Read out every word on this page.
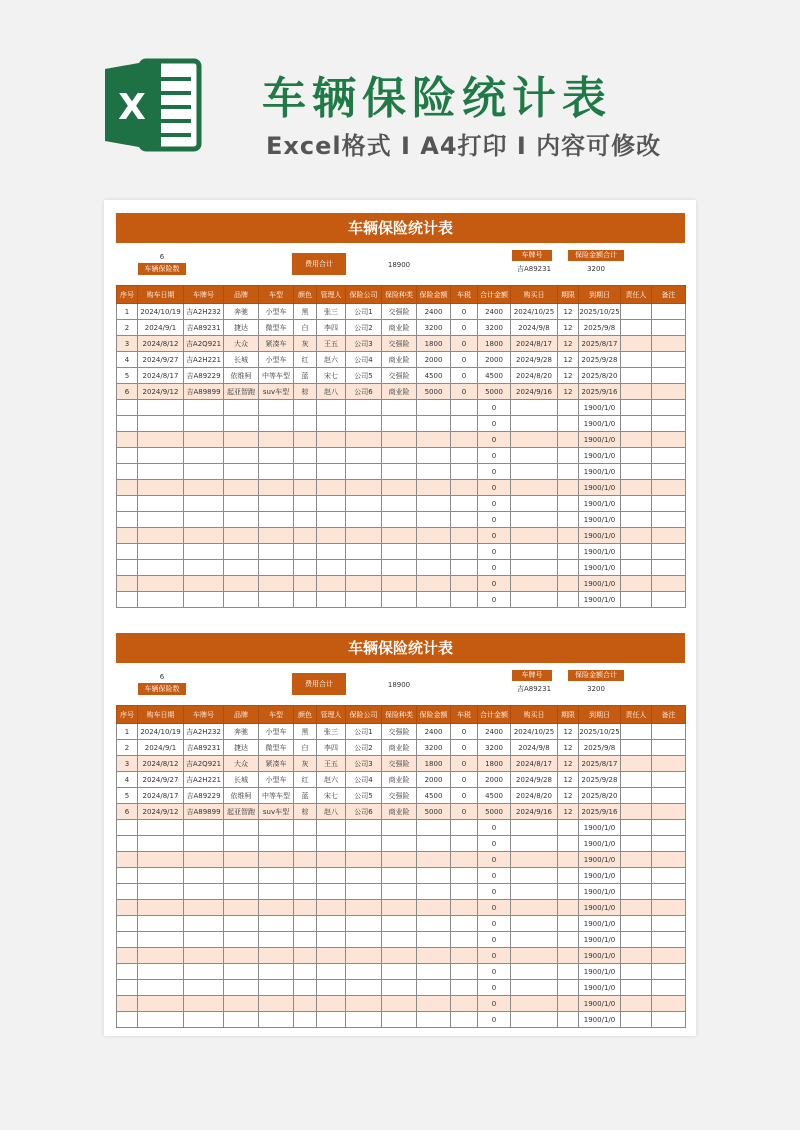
X	车辆保险统计表
Excel格式 I A4打印 I 内容可修改
车辆保险统计表
6
车辆保险数
费用合计	18900
车牌号	保险金额合计
吉A89231	3200
序号	购车日期	车牌号	品牌	车型	颜色	管理人	保险公司	保险种类	保险金额	车税	合计金额	购买日	期限	到期日	责任人	备注
1	2024/10/19	吉A2H232	奔驰	小型车	黑	张三	公司1	交强险	2400	0	2400	2024/10/25	12	2025/10/25		
2	2024/9/1	吉A89231	捷达	微型车	白	李四	公司2	商业险	3200	0	3200	2024/9/8	12	2025/9/8		
3	2024/8/12	吉A2Q921	大众	紧凑车	灰	王五	公司3	交强险	1800	0	1800	2024/8/17	12	2025/8/17		
4	2024/9/27	吉A2H221	长城	小型车	红	赵六	公司4	商业险	2000	0	2000	2024/9/28	12	2025/9/28		
5	2024/8/17	吉A89229	依维柯	中等车型	蓝	宋七	公司5	交强险	4500	0	4500	2024/8/20	12	2025/8/20		
6	2024/9/12	吉A89899	起亚智跑	suv车型	棕	赵八	公司6	商业险	5000	0	5000	2024/9/16	12	2025/9/16		
											0			1900/1/0		
											0			1900/1/0		
											0			1900/1/0		
											0			1900/1/0		
											0			1900/1/0		
											0			1900/1/0		
											0			1900/1/0		
											0			1900/1/0		
											0			1900/1/0		
											0			1900/1/0		
											0			1900/1/0		
											0			1900/1/0		
											0			1900/1/0		
车辆保险统计表
6
车辆保险数
费用合计	18900
车牌号	保险金额合计
吉A89231	3200
序号	购车日期	车牌号	品牌	车型	颜色	管理人	保险公司	保险种类	保险金额	车税	合计金额	购买日	期限	到期日	责任人	备注
1	2024/10/19	吉A2H232	奔驰	小型车	黑	张三	公司1	交强险	2400	0	2400	2024/10/25	12	2025/10/25		
2	2024/9/1	吉A89231	捷达	微型车	白	李四	公司2	商业险	3200	0	3200	2024/9/8	12	2025/9/8		
3	2024/8/12	吉A2Q921	大众	紧凑车	灰	王五	公司3	交强险	1800	0	1800	2024/8/17	12	2025/8/17		
4	2024/9/27	吉A2H221	长城	小型车	红	赵六	公司4	商业险	2000	0	2000	2024/9/28	12	2025/9/28		
5	2024/8/17	吉A89229	依维柯	中等车型	蓝	宋七	公司5	交强险	4500	0	4500	2024/8/20	12	2025/8/20		
6	2024/9/12	吉A89899	起亚智跑	suv车型	棕	赵八	公司6	商业险	5000	0	5000	2024/9/16	12	2025/9/16		
											0			1900/1/0		
											0			1900/1/0		
											0			1900/1/0		
											0			1900/1/0		
											0			1900/1/0		
											0			1900/1/0		
											0			1900/1/0		
											0			1900/1/0		
											0			1900/1/0		
											0			1900/1/0		
											0			1900/1/0		
											0			1900/1/0		
											0			1900/1/0		
